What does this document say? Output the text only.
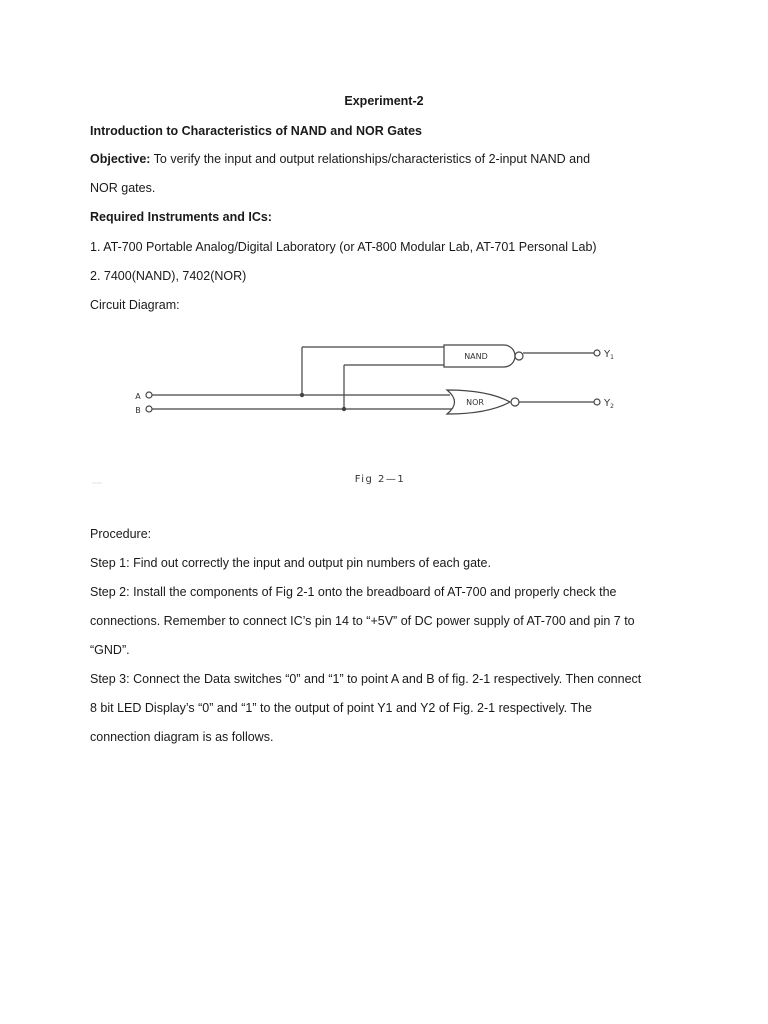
Experiment-2
Introduction to Characteristics of NAND and NOR Gates
Objective: To verify the input and output relationships/characteristics of 2-input NAND and
NOR gates.
Required Instruments and ICs:
1. AT-700 Portable Analog/Digital Laboratory (or AT-800 Modular Lab, AT-701 Personal Lab)
2. 7400(NAND), 7402(NOR)
Circuit Diagram:
A
B
NAND
NOR
$Y_1$
$Y_2$
Fig 2—1
Procedure:
Step 1: Find out correctly the input and output pin numbers of each gate.
Step 2: Install the components of Fig 2-1 onto the breadboard of AT-700 and properly check the
connections. Remember to connect IC’s pin 14 to “+5V” of DC power supply of AT-700 and pin 7 to
“GND”.
Step 3: Connect the Data switches “0” and “1” to point A and B of fig. 2-1 respectively. Then connect
8 bit LED Display’s “0” and “1” to the output of point Y1 and Y2 of Fig. 2-1 respectively. The
connection diagram is as follows.
